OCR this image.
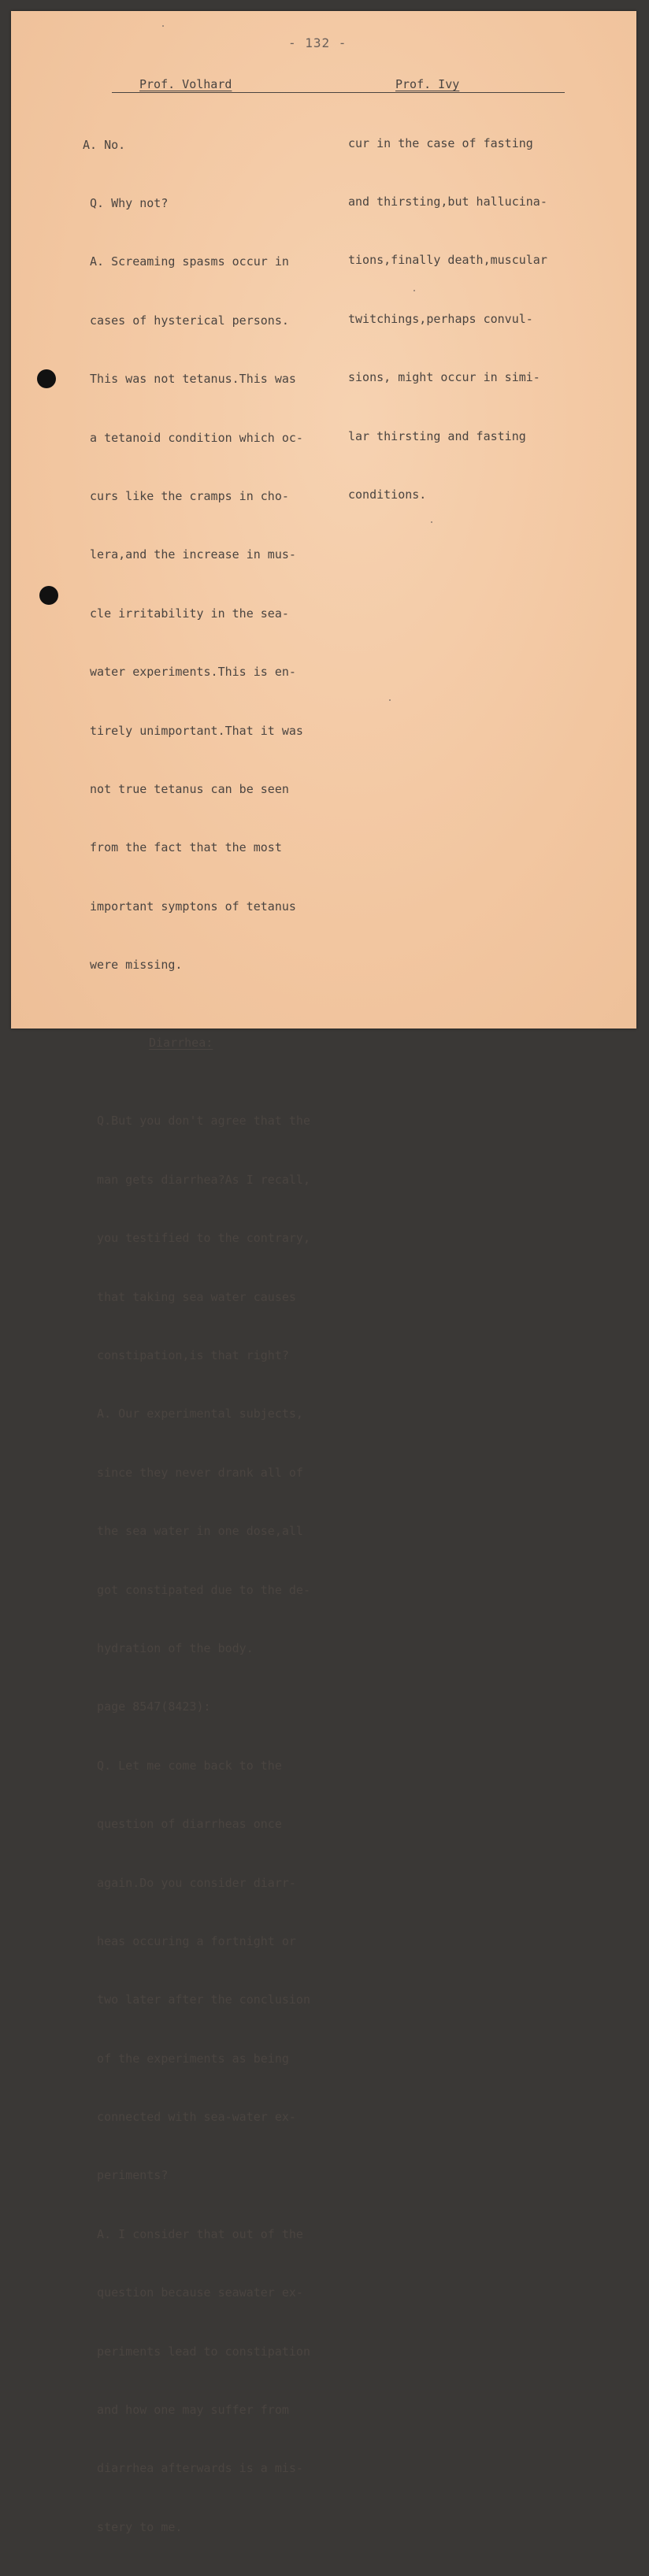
- 132 -
Prof. Volhard	Prof. Ivy

A. No.

Q. Why not?

A. Screaming spasms occur in

cases of hysterical persons.

This was not tetanus.This was

a tetanoid condition which oc-

curs like the cramps in cho-

lera,and the increase in mus-

cle irritability in the sea-

water experiments.This is en-

tirely unimportant.That it was

not true tetanus can be seen

from the fact that the most

important symptons of tetanus

were missing.

Diarrhea:

Q.But you don't agree that the

man gets diarrhea?As I recall,

you testified to the contrary,

that taking sea water causes

constipation,is that right?

A. Our experimental subjects,

since they never drank all of

the sea water in one dose,all

got constipated due to the de-

hydration of the body.

page 8547(8423):

Q. Let me come back to the

question of diarrheas once

again.Do you consider diarr-

heas occuring a fortnight or

two later after the conclusion

of the experiments as being

connected with sea-water ex-

periments?

A. I consider that out of the

question because seawater ex-

periments lead to constipation

and how one may suffer from

diarrhea afterwards is a mis-

stery to me.

cur in the case of fasting

and thirsting,but hallucina-

tions,finally death,muscular

twitchings,perhaps convul-

sions, might occur in simi-

lar thirsting and fasting

conditions.
